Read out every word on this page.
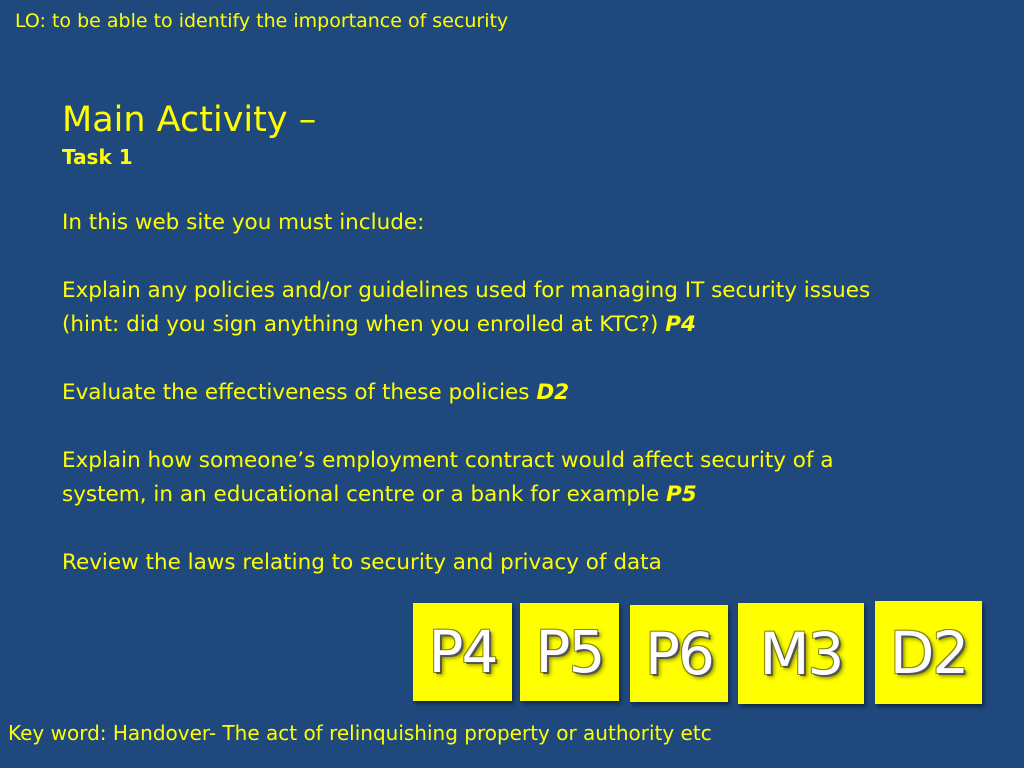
LO: to be able to identify the importance of security
Main Activity –

Task 1

In this web site you must include:

Explain any policies and/or guidelines used for managing IT security issues
(hint: did you sign anything when you enrolled at KTC?) P4

Evaluate the effectiveness of these policies D2

Explain how someone’s employment contract would affect security of a
system, in an educational centre or a bank for example P5

Review the laws relating to security and privacy of data

P4 P5 P6 M3 D2
Key word: Handover- The act of relinquishing property or authority etc
